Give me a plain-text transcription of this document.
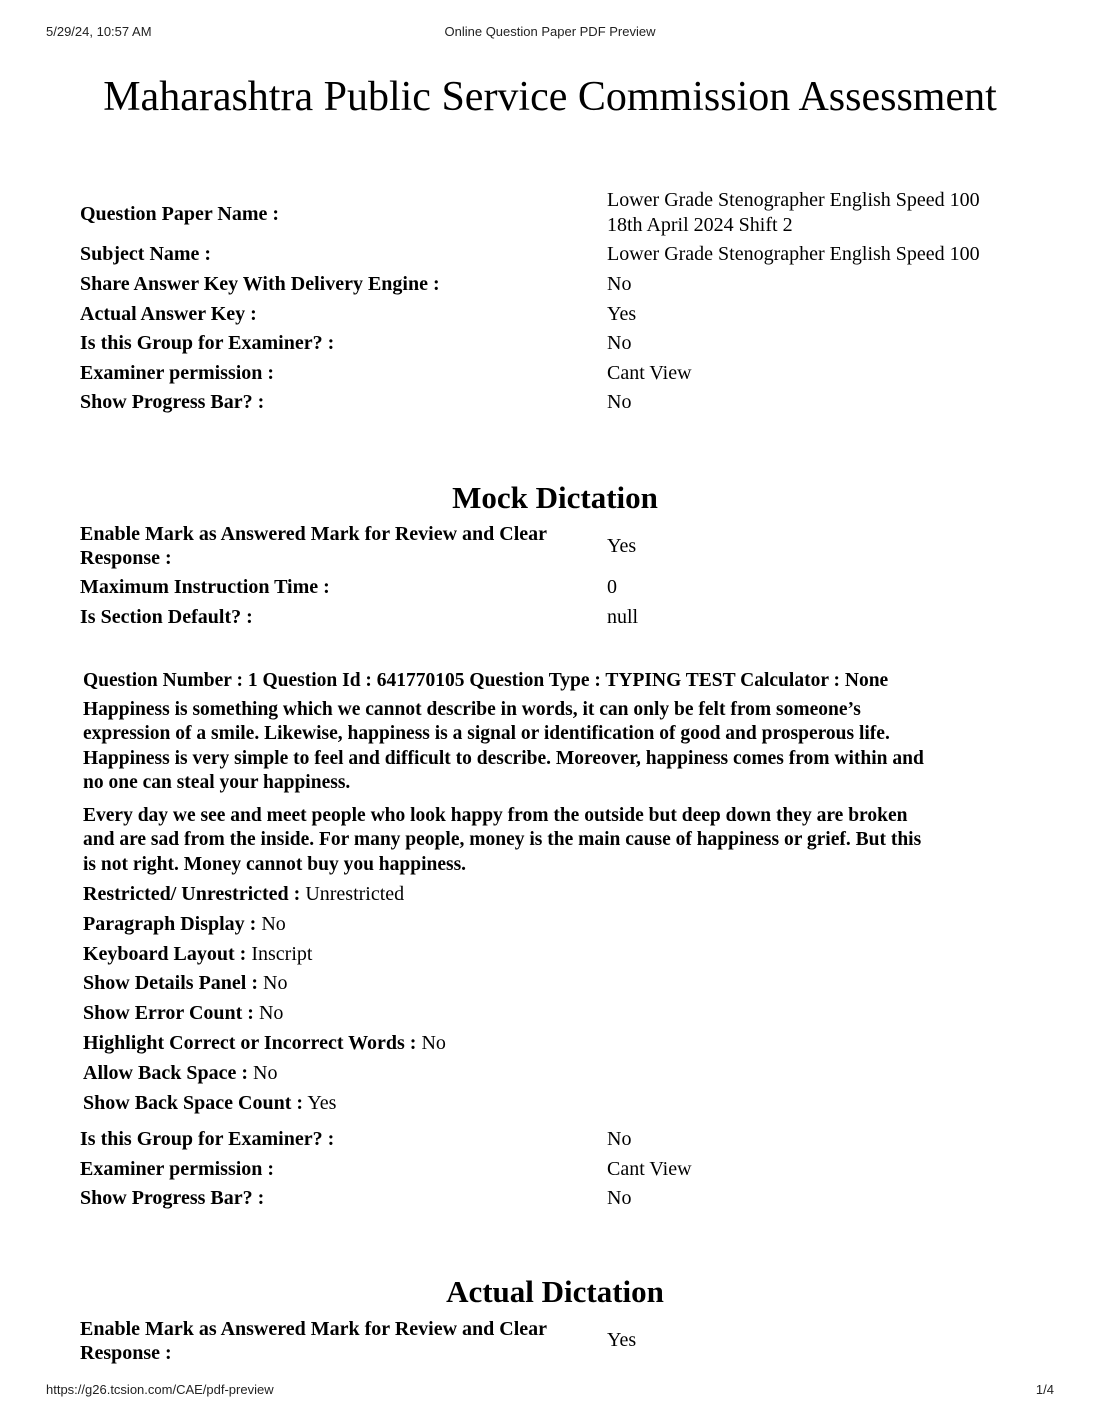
5/29/24, 10:57 AM	Online Question Paper PDF Preview
Maharashtra Public Service Commission Assessment
Question Paper Name :
Lower Grade Stenographer English Speed 100
18th April 2024 Shift 2
Subject Name :	Lower Grade Stenographer English Speed 100
Share Answer Key With Delivery Engine :	No
Actual Answer Key :	Yes
Is this Group for Examiner? :	No
Examiner permission :	Cant View
Show Progress Bar? :	No
Mock Dictation
Enable Mark as Answered Mark for Review and Clear
Response :
Yes
Maximum Instruction Time :	0
Is Section Default? :	null
Question Number : 1 Question Id : 641770105 Question Type : TYPING TEST Calculator : None
Happiness is something which we cannot describe in words, it can only be felt from someone’s
expression of a smile. Likewise, happiness is a signal or identification of good and prosperous life.
Happiness is very simple to feel and difficult to describe. Moreover, happiness comes from within and
no one can steal your happiness.
Every day we see and meet people who look happy from the outside but deep down they are broken
and are sad from the inside. For many people, money is the main cause of happiness or grief. But this
is not right. Money cannot buy you happiness.
Restricted/ Unrestricted : Unrestricted
Paragraph Display : No
Keyboard Layout : Inscript
Show Details Panel : No
Show Error Count : No
Highlight Correct or Incorrect Words : No
Allow Back Space : No
Show Back Space Count : Yes
Is this Group for Examiner? :	No
Examiner permission :	Cant View
Show Progress Bar? :	No
Actual Dictation
Enable Mark as Answered Mark for Review and Clear
Response :
Yes
https://g26.tcsion.com/CAE/pdf-preview	1/4
